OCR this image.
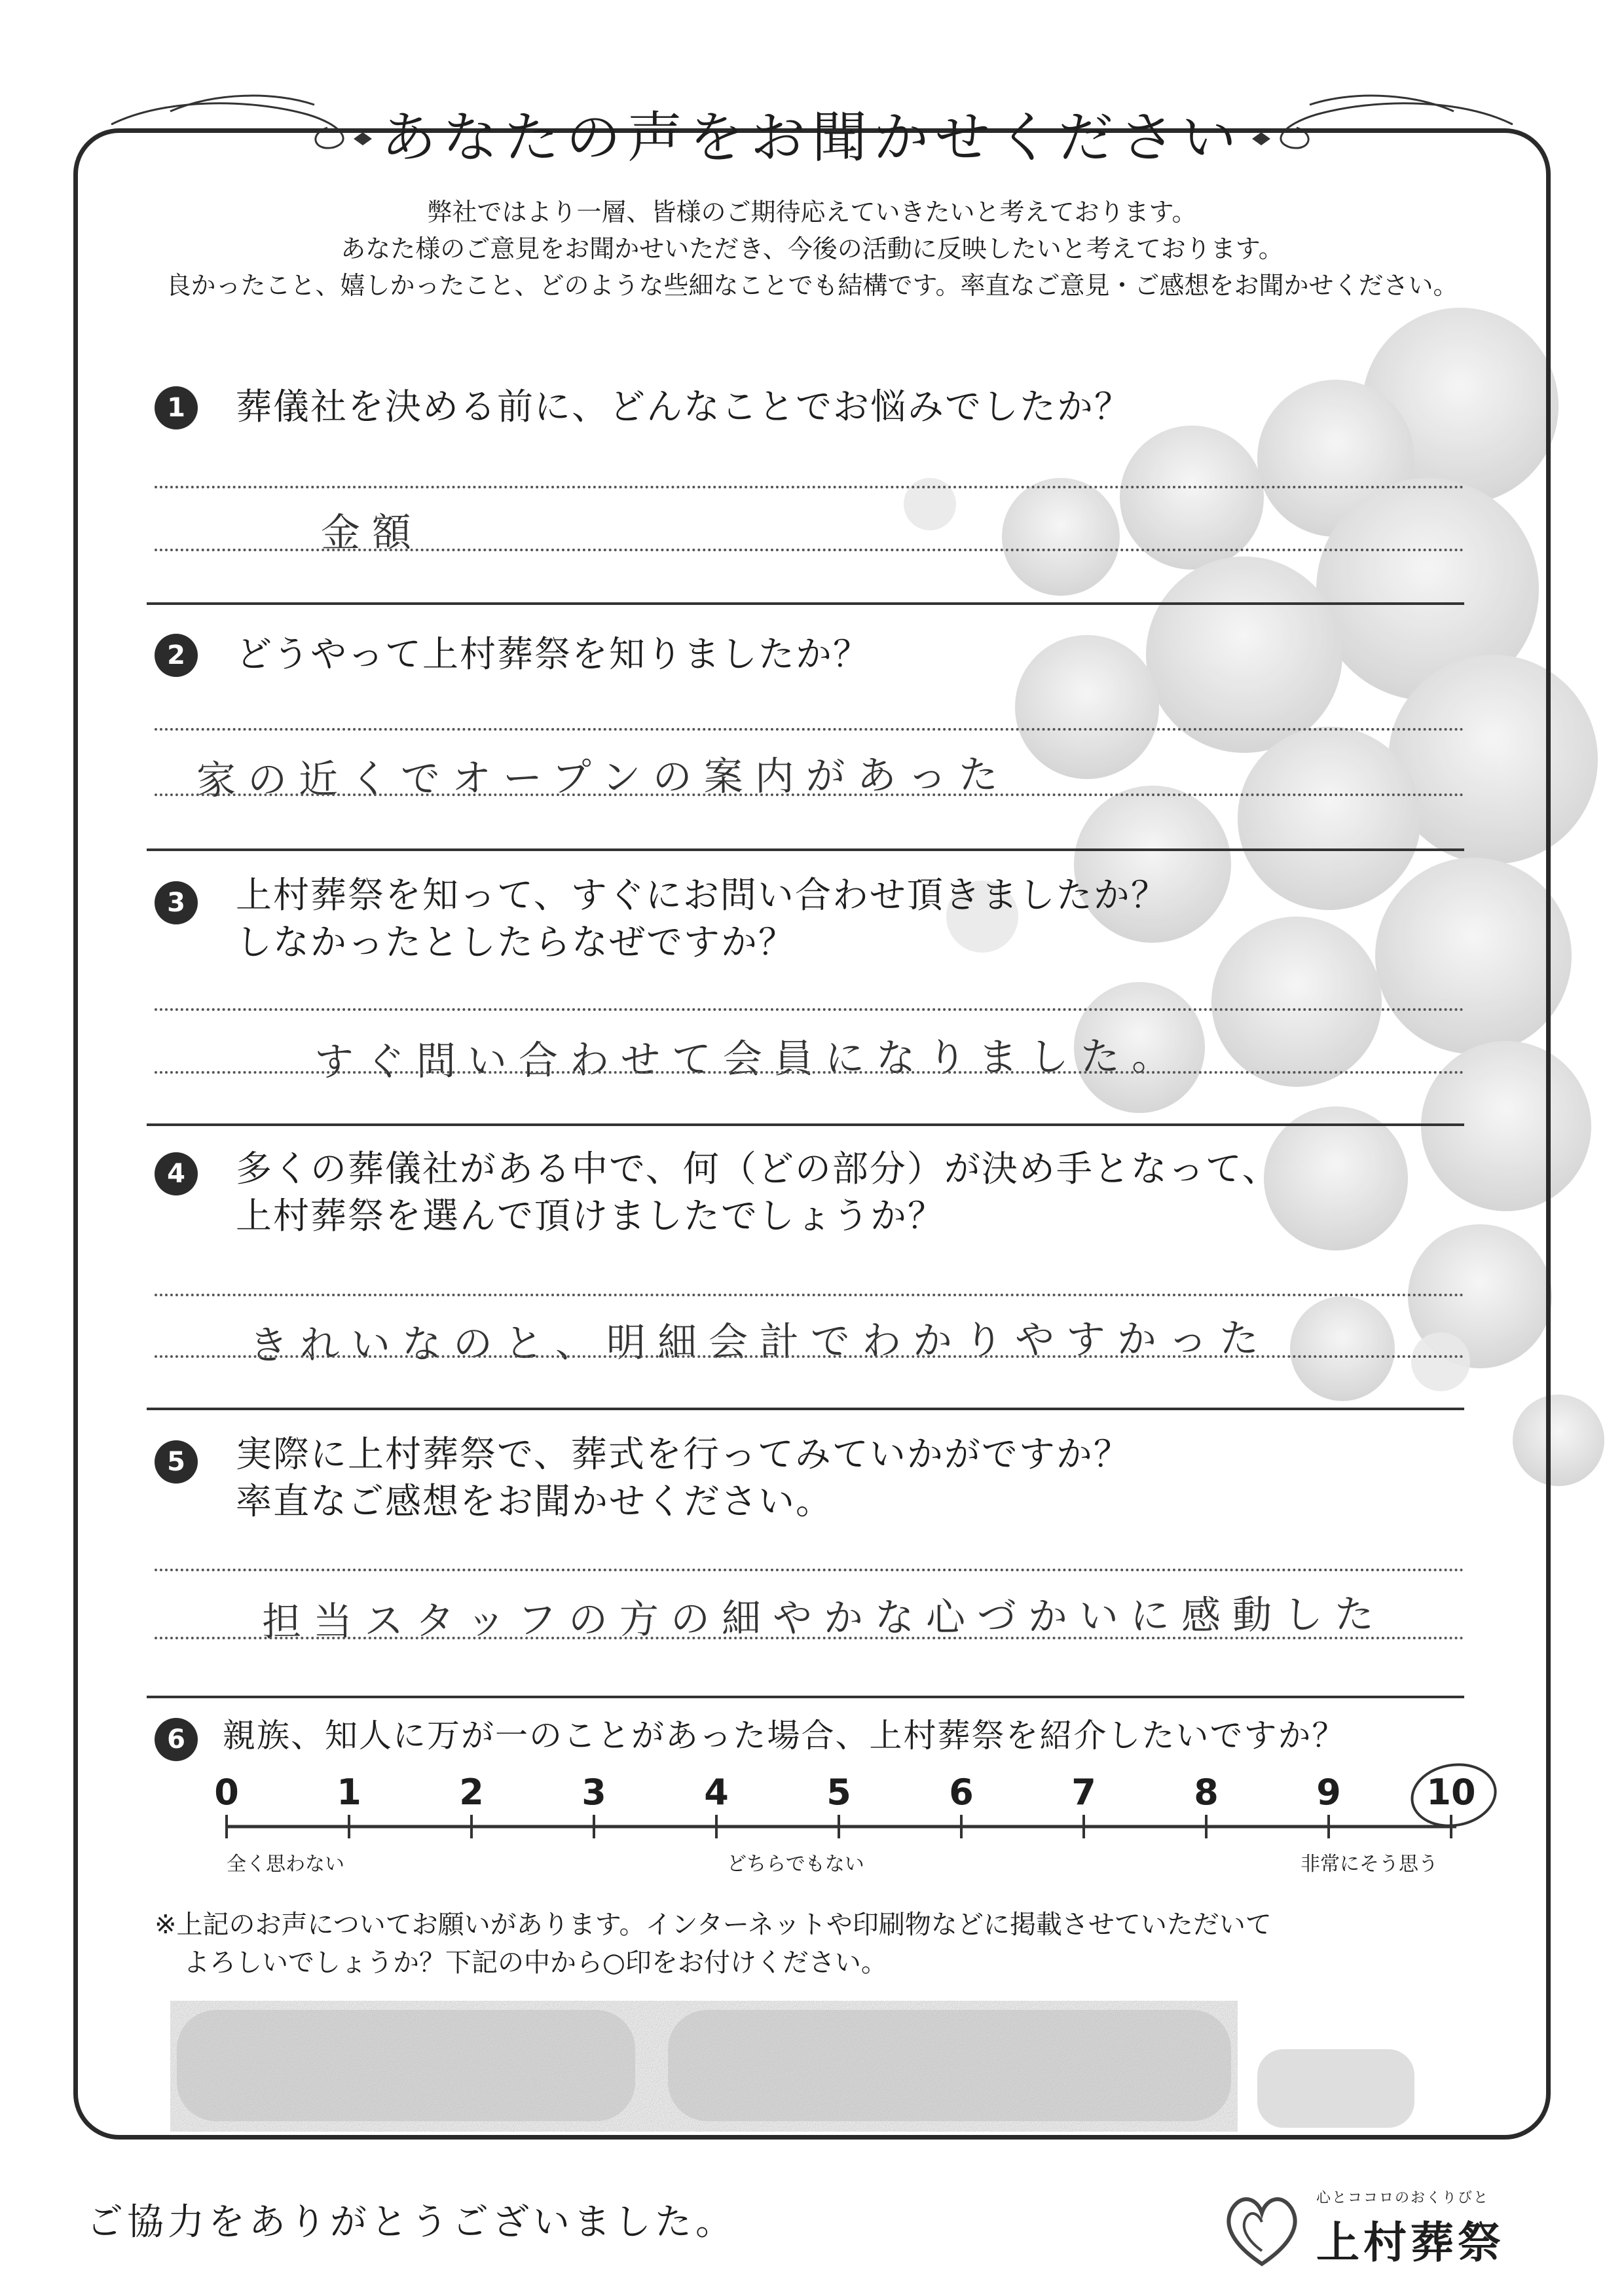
あなたの声をお聞かせください
弊社ではより一層、皆様のご期待応えていきたいと考えております。
あなた様のご意見をお聞かせいただき、今後の活動に反映したいと考えております。
良かったこと、嬉しかったこと、どのような些細なことでも結構です。率直なご意見・ご感想をお聞かせください。
1	葬儀社を決める前に、どんなことでお悩みでしたか？
金額
2	どうやって上村葬祭を知りましたか？
家の近くでオープンの案内があった
3	上村葬祭を知って、すぐにお問い合わせ頂きましたか？
しなかったとしたらなぜですか？
すぐ問い合わせて会員になりました。
4	多くの葬儀社がある中で、何（どの部分）が決め手となって、
上村葬祭を選んで頂けましたでしょうか？
きれいなのと、明細会計でわかりやすかった
5	実際に上村葬祭で、葬式を行ってみていかがですか？
率直なご感想をお聞かせください。
担当スタッフの方の細やかな心づかいに感動した
6	親族、知人に万が一のことがあった場合、上村葬祭を紹介したいですか？
0	1	2	3	4	5	6	7	8	9	10
全く思わない	どちらでもない	非常にそう思う
※上記のお声についてお願いがあります。インターネットや印刷物などに掲載させていただいて
よろしいでしょうか？下記の中から○印をお付けください。
ご協力をありがとうございました。
心とココロのおくりびと
上村葬祭
